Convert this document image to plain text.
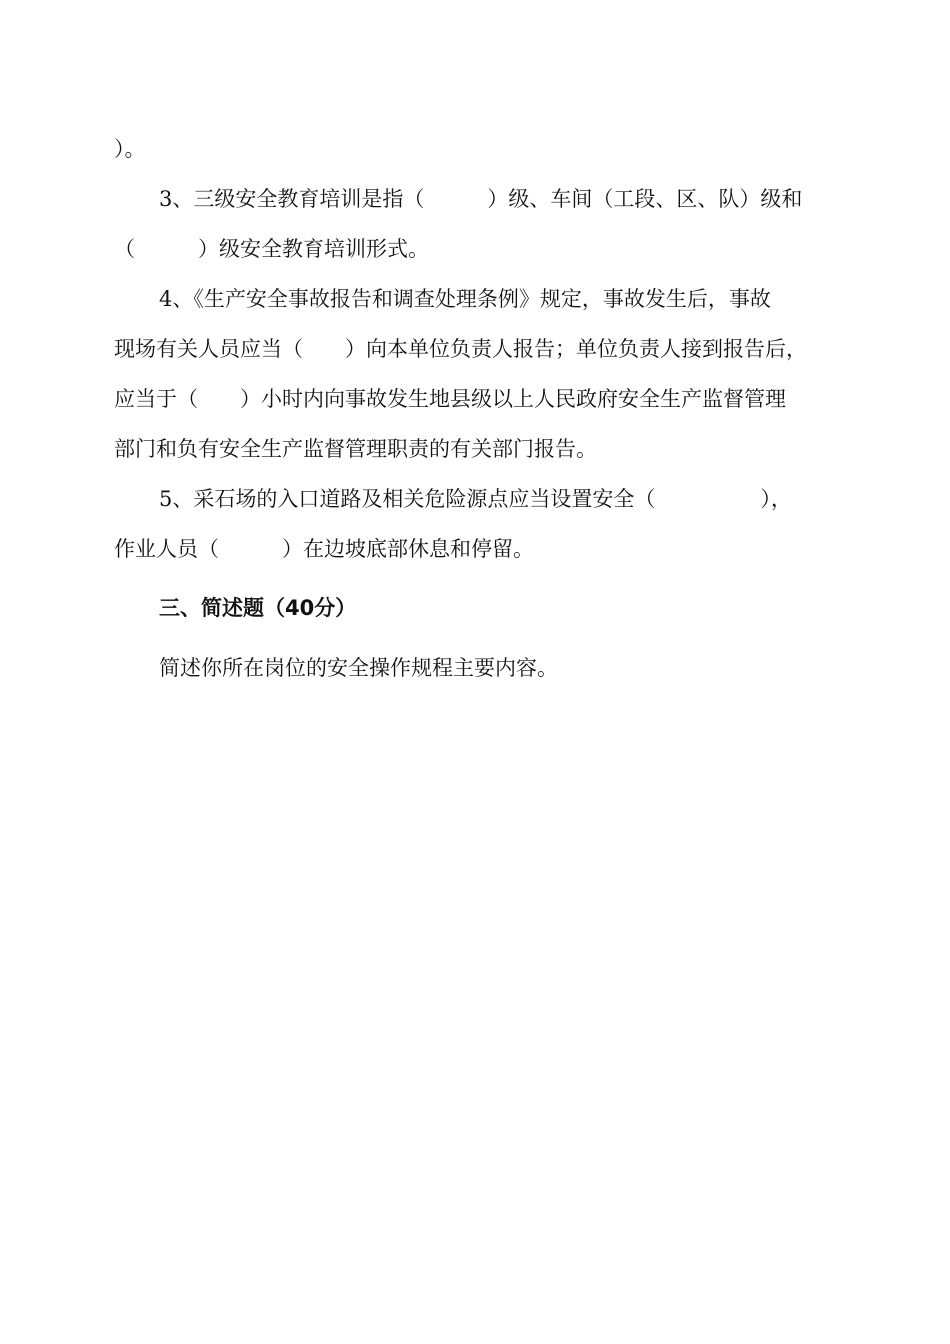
）。
3、三级安全教育培训是指（　　　）级、车间（工段、区、队）级和
（　　　）级安全教育培训形式。
4、《生产安全事故报告和调查处理条例》规定，事故发生后，事故
现场有关人员应当（　　）向本单位负责人报告；单位负责人接到报告后，
应当于（　　）小时内向事故发生地县级以上人民政府安全生产监督管理
部门和负有安全生产监督管理职责的有关部门报告。
5、采石场的入口道路及相关危险源点应当设置安全（　　　　　），
作业人员（　　　）在边坡底部休息和停留。
三、简述题（40分）
简述你所在岗位的安全操作规程主要内容。
